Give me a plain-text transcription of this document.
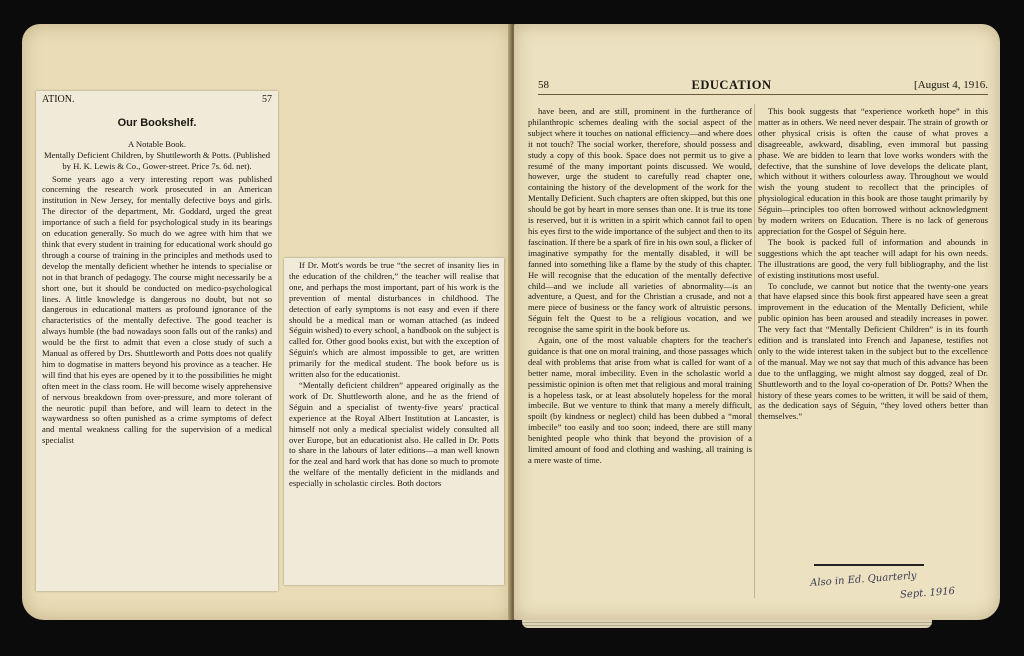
ATION.	57
Our Bookshelf.
A Notable Book.
Mentally Deficient Children, by Shuttleworth & Potts. (Published by H. K. Lewis & Co., Gower-street. Price 7s. 6d. net).

Some years ago a very interesting report was published concerning the research work prosecuted in an American institution in New Jersey, for mentally defective boys and girls. The director of the department, Mr. Goddard, urged the great importance of such a field for psychological study in its bearings on education generally. So much do we agree with him that we think that every student in training for educational work should go through a course of training in the principles and methods used to develop the mentally deficient whether he intends to specialise or not in that branch of pedagogy. The course might necessarily be a short one, but it should be conducted on medico-psychological lines. A little knowledge is dangerous no doubt, but not so dangerous in educational matters as profound ignorance of the characteristics of the mentally defective. The good teacher is always humble (the bad nowadays soon falls out of the ranks) and would be the first to admit that even a close study of such a Manual as offered by Drs. Shuttleworth and Potts does not qualify him to dogmatise in matters beyond his province as a teacher. He will find that his eyes are opened by it to the possibilities he might often meet in the class room. He will become wisely apprehensive of nervous breakdown from over-pressure, and more tolerant of the neurotic pupil than before, and will learn to detect in the waywardness so often punished as a crime symptoms of defect and mental weakness calling for the supervision of a medical specialist

If Dr. Mott's words be true “the secret of insanity lies in the education of the children,” the teacher will realise that one, and perhaps the most important, part of his work is the prevention of mental disturbances in childhood. The detection of early symptoms is not easy and even if there should be a medical man or woman attached (as indeed Séguin wished) to every school, a handbook on the subject is called for. Other good books exist, but with the exception of Séguin's which are almost impossible to get, are written primarily for the medical student. The book before us is written also for the educationist.

“Mentally deficient children” appeared originally as the work of Dr. Shuttleworth alone, and he as the friend of Séguin and a specialist of twenty-five years' practical experience at the Royal Albert Institution at Lancaster, is himself not only a medical specialist widely consulted all over Europe, but an educationist also. He called in Dr. Potts to share in the labours of later editions—a man well known for the zeal and hard work that has done so much to promote the welfare of the mentally deficient in the midlands and especially in scholastic circles. Both doctors

58	EDUCATION	[August 4, 1916.

have been, and are still, prominent in the furtherance of philanthropic schemes dealing with the social aspect of the subject where it touches on national efficiency—and where does it not touch? The social worker, therefore, should possess and study a copy of this book. Space does not permit us to give a resumé of the many important points discussed. We would, however, urge the student to carefully read chapter one, containing the history of the development of the work for the Mentally Deficient. Such chapters are often skipped, but this one should be got by heart in more senses than one. It is true its tone is reserved, but it is written in a spirit which cannot fail to open his eyes first to the wide importance of the subject and then to its fascination. If there be a spark of fire in his own soul, a flicker of imaginative sympathy for the mentally disabled, it will be fanned into something like a flame by the study of this chapter. He will recognise that the education of the mentally defective child—and we include all varieties of abnormality—is an adventure, a Quest, and for the Christian a crusade, and not a mere piece of business or the fancy work of altruistic persons. Séguin felt the Quest to be a religious vocation, and we recognise the same spirit in the book before us.

Again, one of the most valuable chapters for the teacher's guidance is that one on moral training, and those passages which deal with problems that arise from what is called for want of a better name, moral imbecility. Even in the scholastic world a pessimistic opinion is often met that religious and moral training is a hopeless task, or at least absolutely hopeless for the moral imbecile. But we venture to think that many a merely difficult, spoilt (by kindness or neglect) child has been dubbed a “moral imbecile” too easily and too soon; indeed, there are still many benighted people who think that beyond the provision of a limited amount of food and clothing and washing, all training is a mere waste of time.

This book suggests that “experience worketh hope” in this matter as in others. We need never despair. The strain of growth or other physical crisis is often the cause of what proves a disagreeable, awkward, disabling, even immoral but passing phase. We are bidden to learn that love works wonders with the defective, that the sunshine of love develops the delicate plant, which without it withers colourless away. Throughout we would wish the young student to recollect that the principles of physiological education in this book are those taught primarily by Séguin—principles too often borrowed without acknowledgment by modern writers on Education. There is no lack of generous appreciation for the Gospel of Séguin here.

The book is packed full of information and abounds in suggestions which the apt teacher will adapt for his own needs. The illustrations are good, the very full bibliography, and the list of existing institutions most useful.

To conclude, we cannot but notice that the twenty-one years that have elapsed since this book first appeared have seen a great improvement in the education of the Mentally Deficient, while public opinion has been aroused and steadily increases in power. The very fact that “Mentally Deficient Children” is in its fourth edition and is translated into French and Japanese, testifies not only to the wide interest taken in the subject but to the excellence of the manual. May we not say that much of this advance has been due to the unflagging, we might almost say dogged, zeal of Dr. Shuttleworth and to the loyal co-operation of Dr. Potts? When the history of these years comes to be written, it will be said of them, as the dedication says of Séguin, “they loved others better than themselves.”

Also in Ed. Quarterly
Sept. 1916
